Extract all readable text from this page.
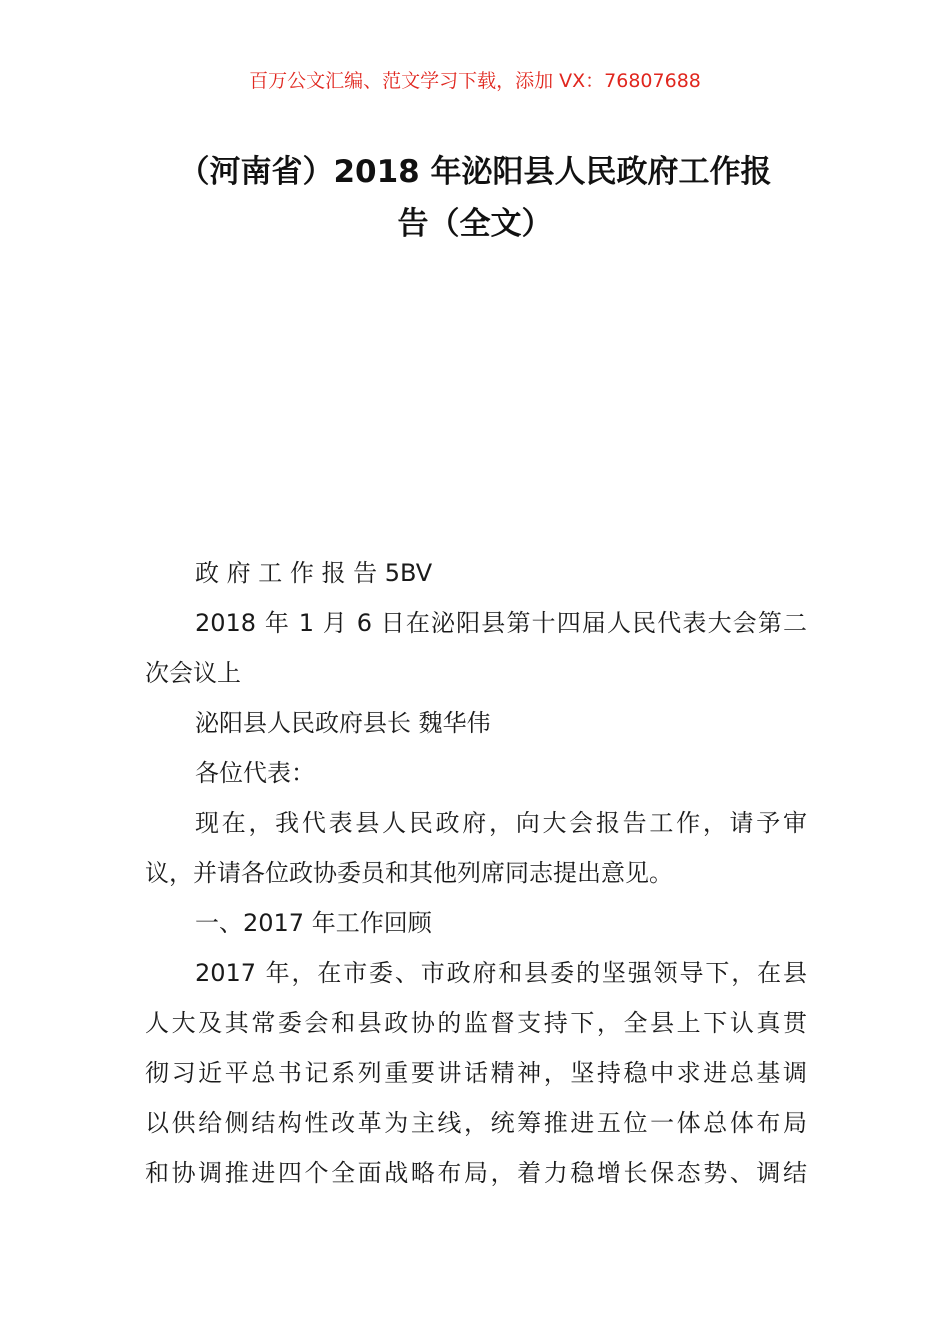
百万公文汇编、范文学习下载，添加 VX：76807688
（河南省）2018 年泌阳县人民政府工作报
告（全文）
政 府 工 作 报 告 5BV
2018 年 1 月 6 日在泌阳县第十四届人民代表大会第二
次会议上
泌阳县人民政府县长 魏华伟
各位代表：
现在，我代表县人民政府，向大会报告工作，请予审
议，并请各位政协委员和其他列席同志提出意见。
一、2017 年工作回顾
2017 年，在市委、市政府和县委的坚强领导下，在县
人大及其常委会和县政协的监督支持下，全县上下认真贯
彻习近平总书记系列重要讲话精神，坚持稳中求进总基调
以供给侧结构性改革为主线，统筹推进五位一体总体布局
和协调推进四个全面战略布局，着力稳增长保态势、调结
